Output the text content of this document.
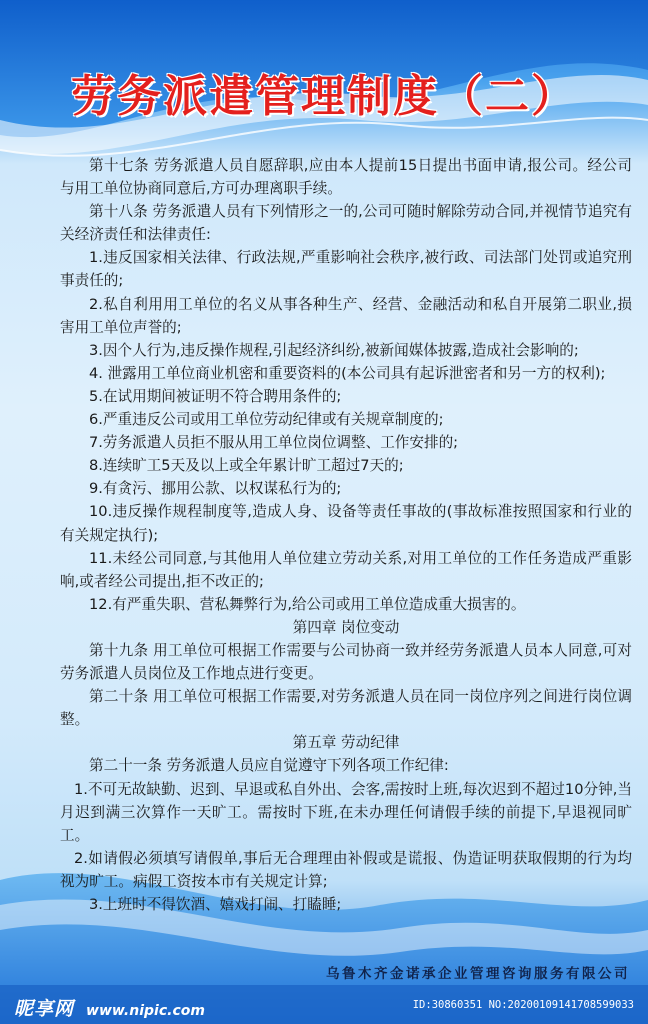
劳务派遣管理制度（二）

第十七条 劳务派遣人员自愿辞职,应由本人提前15日提出书面申请,报公司。经公司与用工单位协商同意后,方可办理离职手续。

第十八条 劳务派遣人员有下列情形之一的,公司可随时解除劳动合同,并视情节追究有关经济责任和法律责任:

1.违反国家相关法律、行政法规,严重影响社会秩序,被行政、司法部门处罚或追究刑事责任的;

2.私自利用用工单位的名义从事各种生产、经营、金融活动和私自开展第二职业,损害用工单位声誉的;

3.因个人行为,违反操作规程,引起经济纠纷,被新闻媒体披露,造成社会影响的;

4. 泄露用工单位商业机密和重要资料的(本公司具有起诉泄密者和另一方的权利);

5.在试用期间被证明不符合聘用条件的;

6.严重违反公司或用工单位劳动纪律或有关规章制度的;

7.劳务派遣人员拒不服从用工单位岗位调整、工作安排的;

8.连续旷工5天及以上或全年累计旷工超过7天的;

9.有贪污、挪用公款、以权谋私行为的;

10.违反操作规程制度等,造成人身、设备等责任事故的(事故标准按照国家和行业的有关规定执行);

11.未经公司同意,与其他用人单位建立劳动关系,对用工单位的工作任务造成严重影响,或者经公司提出,拒不改正的;

12.有严重失职、营私舞弊行为,给公司或用工单位造成重大损害的。

第四章 岗位变动

第十九条 用工单位可根据工作需要与公司协商一致并经劳务派遣人员本人同意,可对劳务派遣人员岗位及工作地点进行变更。

第二十条 用工单位可根据工作需要,对劳务派遣人员在同一岗位序列之间进行岗位调整。

第五章 劳动纪律

第二十一条 劳务派遣人员应自觉遵守下列各项工作纪律:

1.不可无故缺勤、迟到、早退或私自外出、会客,需按时上班,每次迟到不超过10分钟,当月迟到满三次算作一天旷工。需按时下班,在未办理任何请假手续的前提下,早退视同旷工。

2.如请假必须填写请假单,事后无合理理由补假或是谎报、伪造证明获取假期的行为均视为旷工。病假工资按本市有关规定计算;

3.上班时不得饮酒、嬉戏打闹、打瞌睡;

乌鲁木齐金诺承企业管理咨询服务有限公司
昵享网 www.nipic.com	ID:30860351 NO:20200109141708599033
